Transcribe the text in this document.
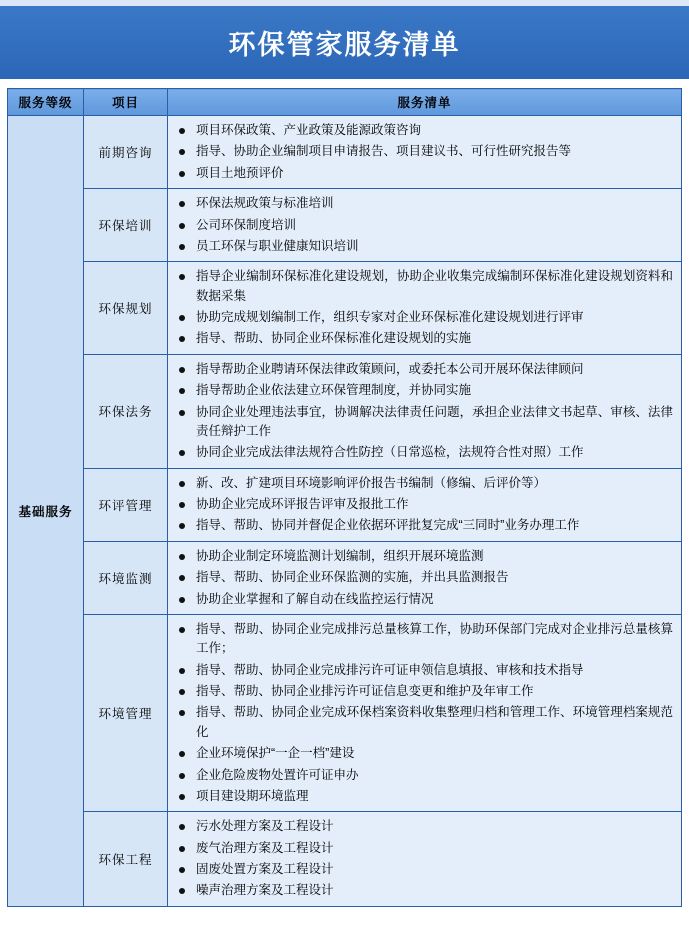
环保管家服务清单
服务等级	项目	服务清单
基础服务	前期咨询	
项目环保政策、产业政策及能源政策咨询
指导、协助企业编制项目申请报告、项目建议书、可行性研究报告等
项目土地预评价

环保培训	
环保法规政策与标准培训
公司环保制度培训
员工环保与职业健康知识培训

环保规划	
指导企业编制环保标准化建设规划，协助企业收集完成编制环保标准化建设规划资料和数据采集
协助完成规划编制工作，组织专家对企业环保标准化建设规划进行评审
指导、帮助、协同企业环保标准化建设规划的实施

环保法务	
指导帮助企业聘请环保法律政策顾问，或委托本公司开展环保法律顾问
指导帮助企业依法建立环保管理制度，并协同实施
协同企业处理违法事宜，协调解决法律责任问题，承担企业法律文书起草、审核、法律责任辩护工作
协同企业完成法律法规符合性防控（日常巡检，法规符合性对照）工作

环评管理	
新、改、扩建项目环境影响评价报告书编制（修编、后评价等）
协助企业完成环评报告评审及报批工作
指导、帮助、协同并督促企业依据环评批复完成“三同时”业务办理工作

环境监测	
协助企业制定环境监测计划编制，组织开展环境监测
指导、帮助、协同企业环保监测的实施，并出具监测报告
协助企业掌握和了解自动在线监控运行情况

环境管理	
指导、帮助、协同企业完成排污总量核算工作，协助环保部门完成对企业排污总量核算工作；
指导、帮助、协同企业完成排污许可证申领信息填报、审核和技术指导
指导、帮助、协同企业排污许可证信息变更和维护及年审工作
指导、帮助、协同企业完成环保档案资料收集整理归档和管理工作、环境管理档案规范化
企业环境保护“一企一档”建设
企业危险废物处置许可证申办
项目建设期环境监理

环保工程	
污水处理方案及工程设计
废气治理方案及工程设计
固废处置方案及工程设计
噪声治理方案及工程设计
